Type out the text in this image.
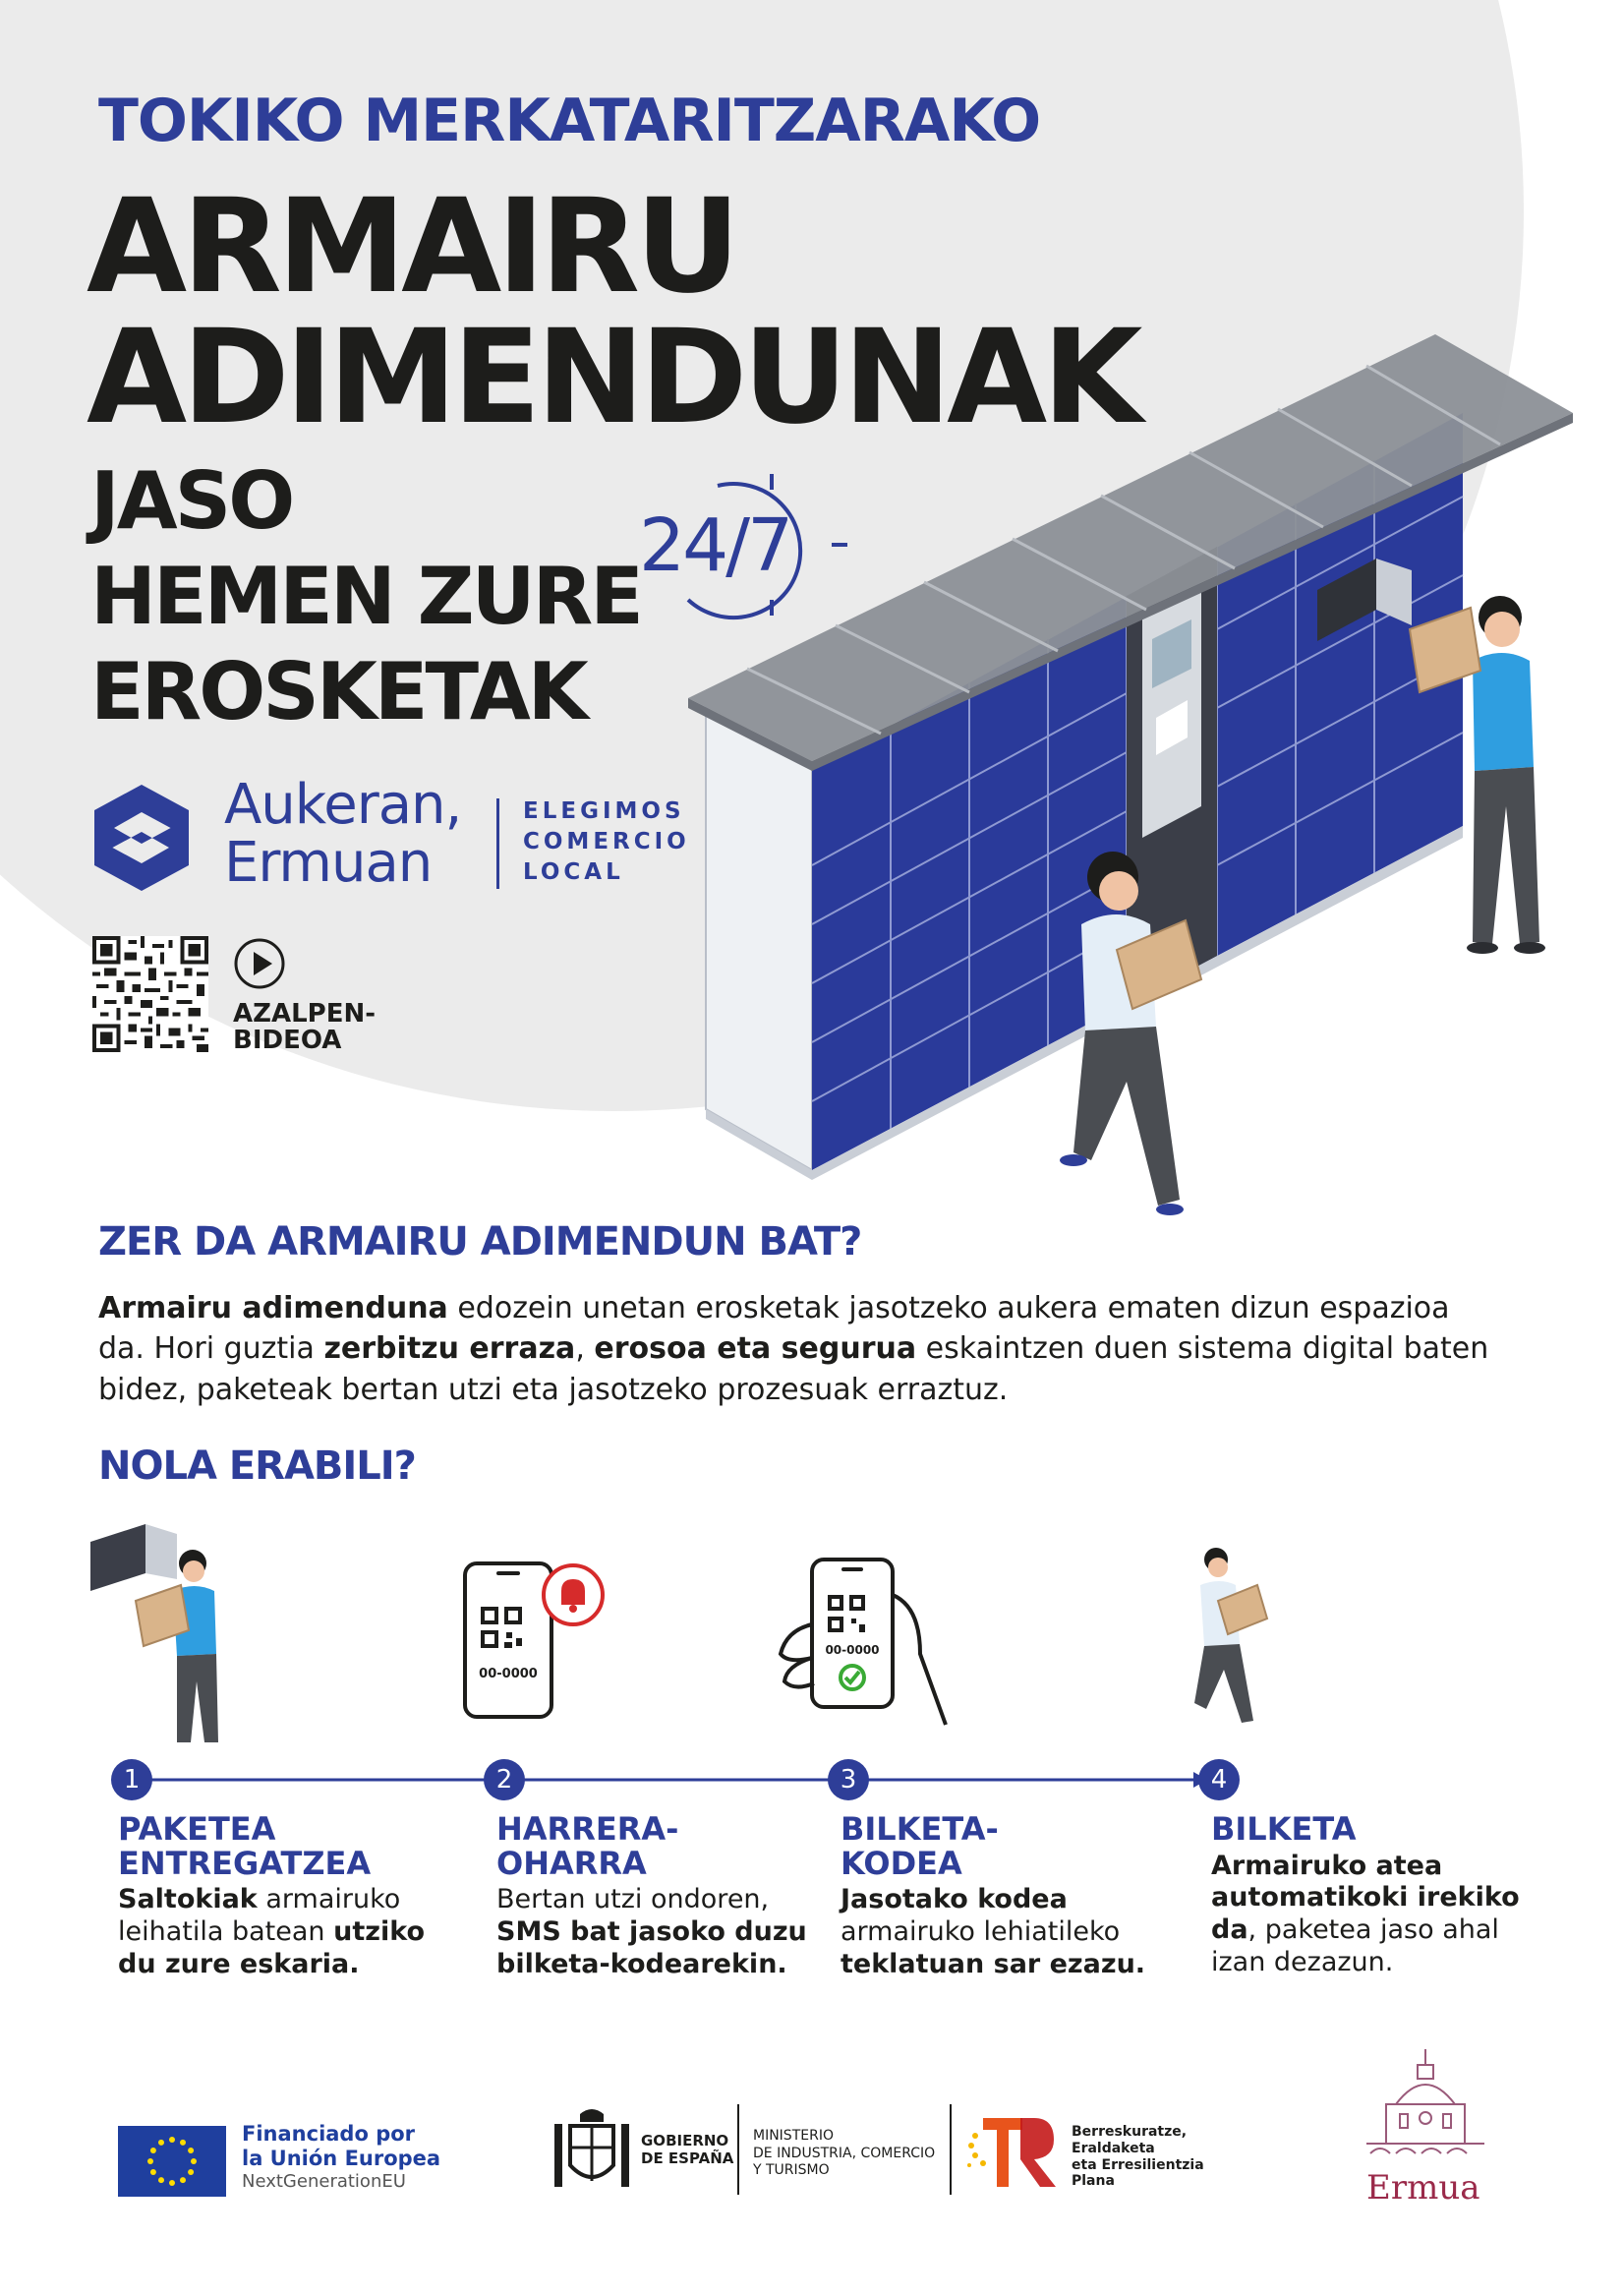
TOKIKO MERKATARITZARAKO
ARMAIRU
ADIMENDUNAK
JASO
HEMEN ZURE
EROSKETAK
24/7
Aukeran,
Ermuan
ELEGIMOS
COMERCIO
LOCAL
AZALPEN-
BIDEOA
ZER DA ARMAIRU ADIMENDUN BAT?
Armairu adimenduna edozein unetan erosketak jasotzeko aukera ematen dizun espazioa da. Hori guztia zerbitzu erraza, erosoa eta segurua eskaintzen duen sistema digital baten bidez, paketeak bertan utzi eta jasotzeko prozesuak erraztuz.
NOLA ERABILI?
00-0000
00-0000
1	2	3	4
PAKETEA
ENTREGATZEA
Saltokiak armairuko leihatila batean utziko du zure eskaria.
HARRERA-
OHARRA
Bertan utzi ondoren, SMS bat jasoko duzu bilketa-kodearekin.
BILKETA-
KODEA
Jasotako kodea armairuko lehiatileko teklatuan sar ezazu.
BILKETA
Armairuko atea automatikoki irekiko da, paketea jaso ahal izan dezazun.
Financiado por
la Unión Europea
NextGenerationEU
GOBIERNO
DE ESPAÑA
MINISTERIO
DE INDUSTRIA, COMERCIO
Y TURISMO
Berreskuratze,
Eraldaketa
eta Erresilientzia
Plana	Ermua
